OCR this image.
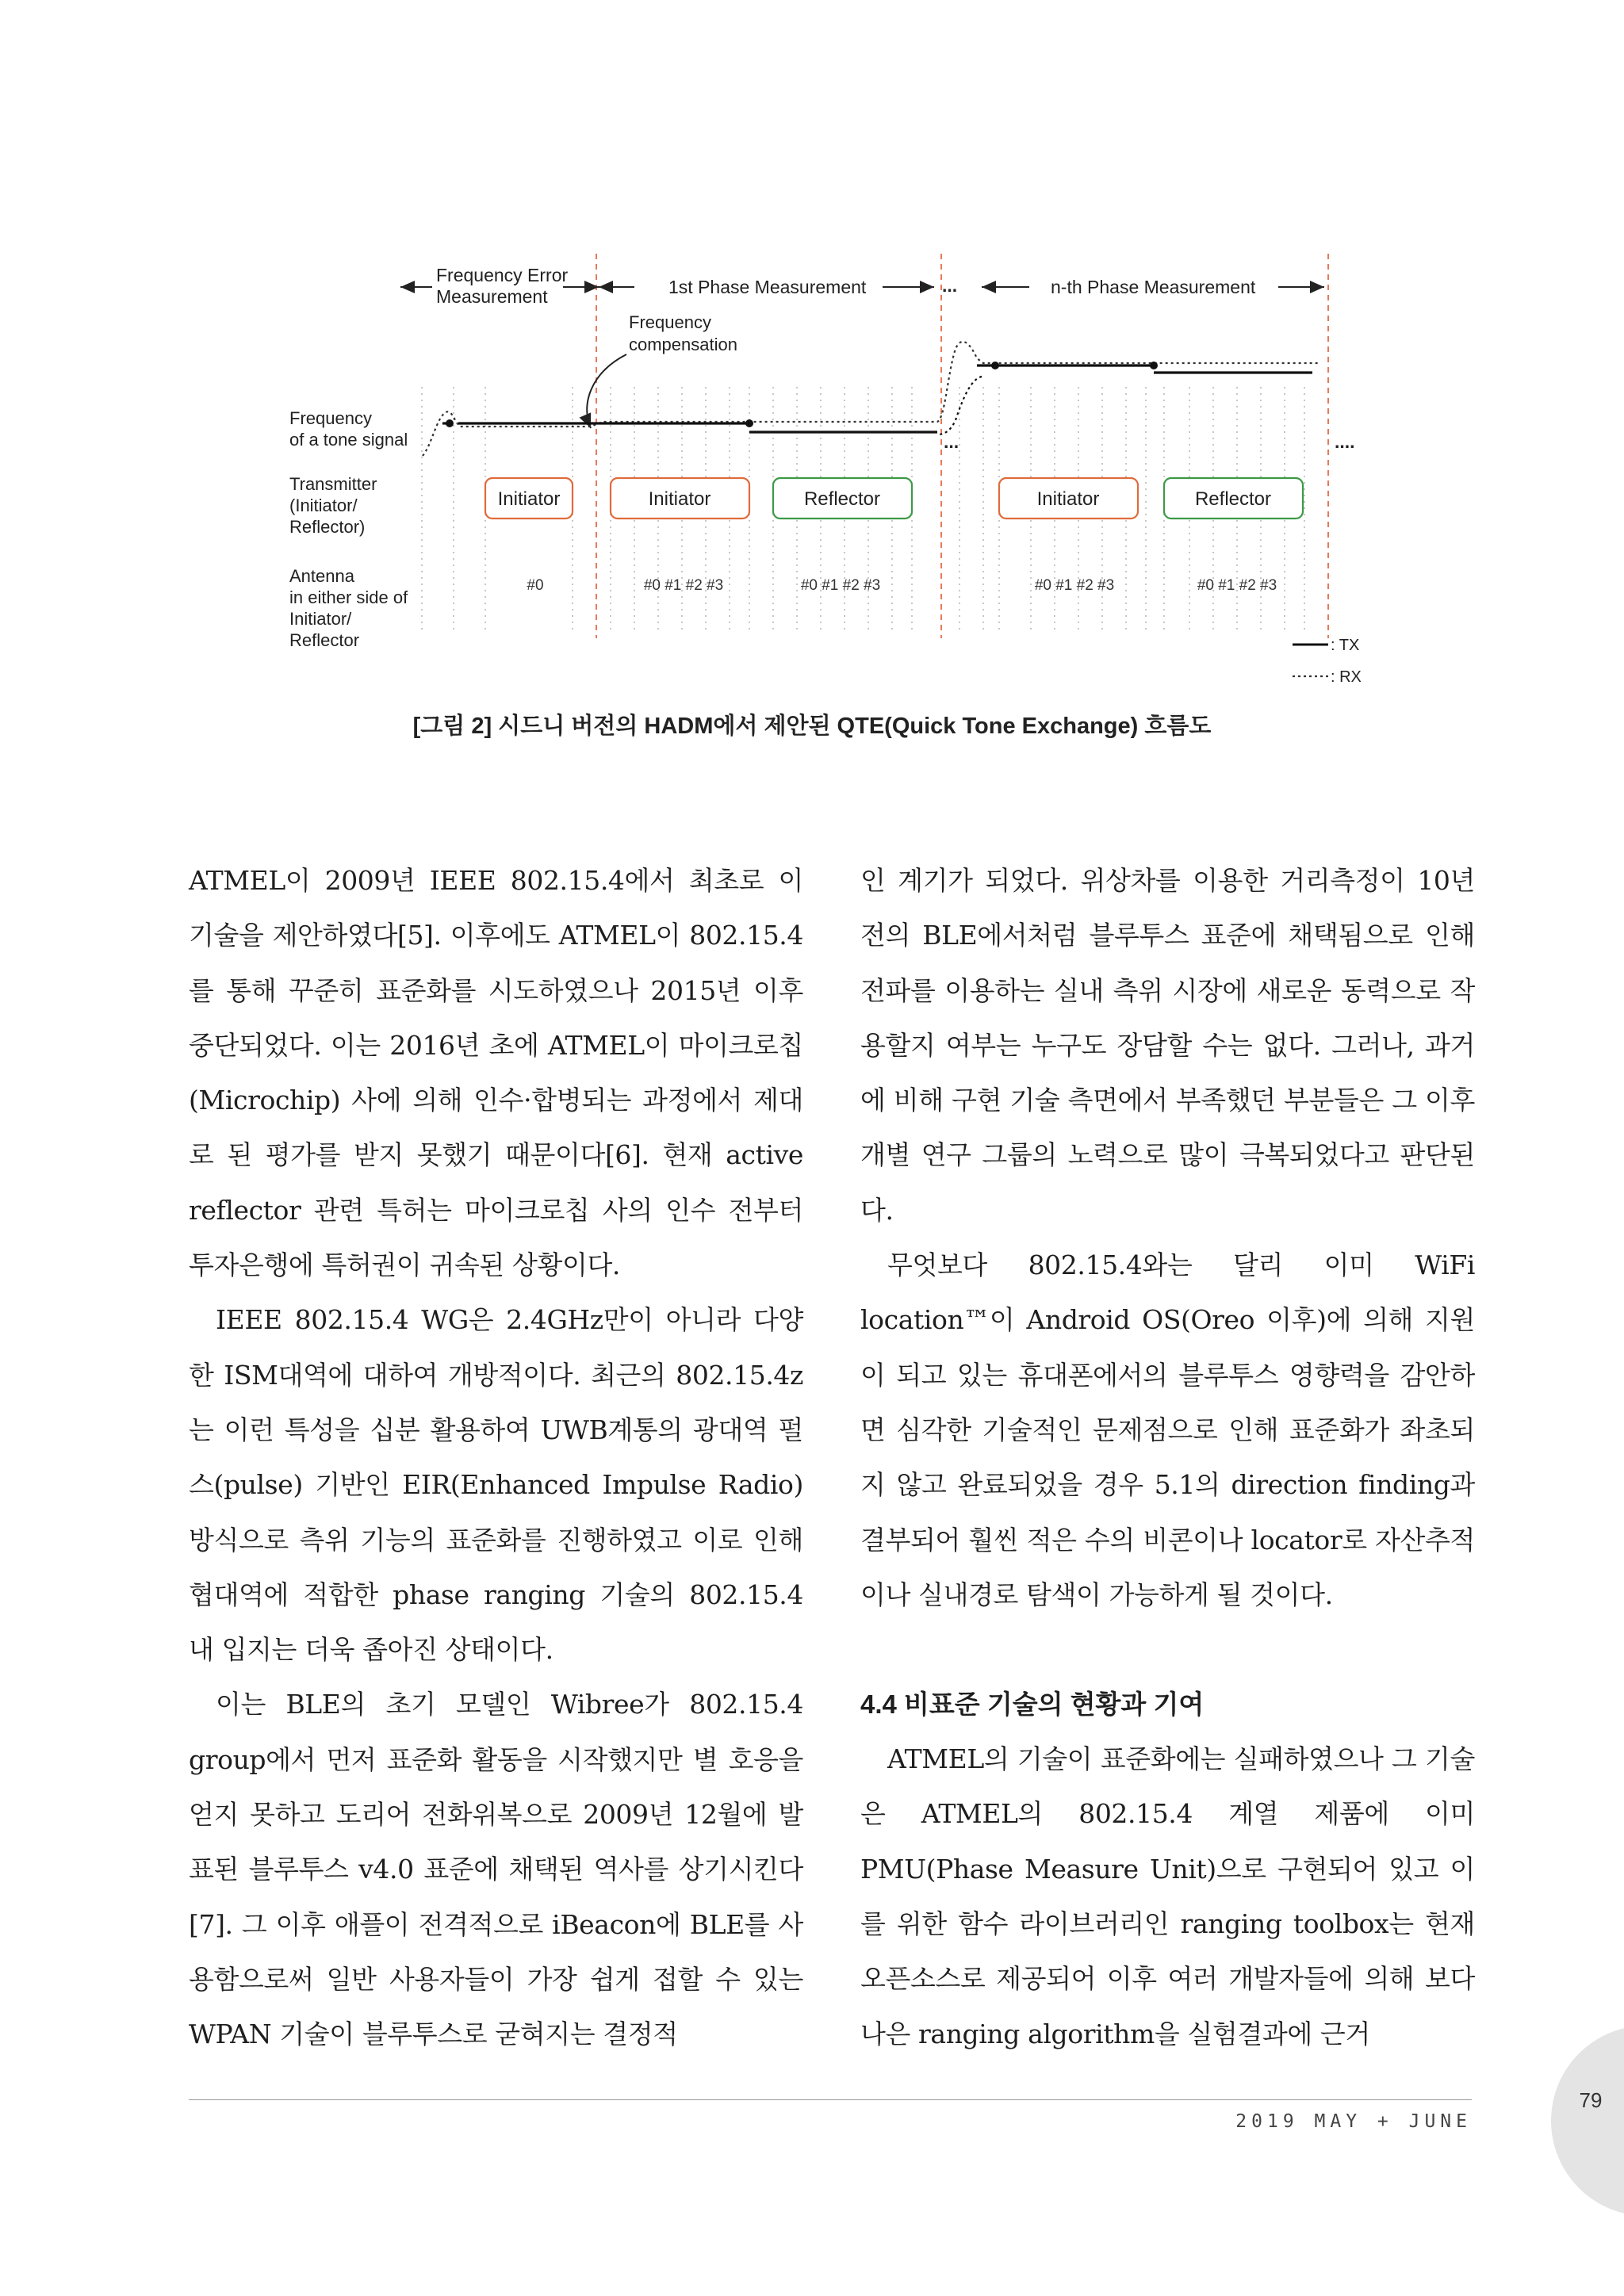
Frequency Error
Measurement	1st Phase Measurement	...	n-th Phase Measurement
Frequency
compensation
Frequency
of a tone signal
Transmitter
(Initiator/
Reflector)
Antenna
in either side of
Initiator/
Reflector
...	....
Initiator	Initiator	Reflector	Initiator	Reflector
#0	#0 #1 #2 #3	#0 #1 #2 #3	#0 #1 #2 #3	#0 #1 #2 #3
: TX
: RX
[그림 2] 시드니 버전의 HADM에서 제안된 QTE(Quick Tone Exchange) 흐름도

ATMEL이 2009년 IEEE 802.15.4에서 최초로 이 기술을 제안하였다[5]. 이후에도 ATMEL이 802.15.4를 통해 꾸준히 표준화를 시도하였으나 2015년 이후 중단되었다. 이는 2016년 초에 ATMEL이 마이크로칩(Microchip) 사에 의해 인수·합병되는 과정에서 제대로 된 평가를 받지 못했기 때문이다[6]. 현재 active reflector 관련 특허는 마이크로칩 사의 인수 전부터 투자은행에 특허권이 귀속된 상황이다.

IEEE 802.15.4 WG은 2.4GHz만이 아니라 다양한 ISM대역에 대하여 개방적이다. 최근의 802.15.4z는 이런 특성을 십분 활용하여 UWB계통의 광대역 펄스(pulse) 기반인 EIR(Enhanced Impulse Radio) 방식으로 측위 기능의 표준화를 진행하였고 이로 인해 협대역에 적합한 phase ranging 기술의 802.15.4 내 입지는 더욱 좁아진 상태이다.

이는 BLE의 초기 모델인 Wibree가 802.15.4 group에서 먼저 표준화 활동을 시작했지만 별 호응을 얻지 못하고 도리어 전화위복으로 2009년 12월에 발표된 블루투스 v4.0 표준에 채택된 역사를 상기시킨다[7]. 그 이후 애플이 전격적으로 iBeacon에 BLE를 사용함으로써 일반 사용자들이 가장 쉽게 접할 수 있는 WPAN 기술이 블루투스로 굳혀지는 결정적

인 계기가 되었다. 위상차를 이용한 거리측정이 10년 전의 BLE에서처럼 블루투스 표준에 채택됨으로 인해 전파를 이용하는 실내 측위 시장에 새로운 동력으로 작용할지 여부는 누구도 장담할 수는 없다. 그러나, 과거에 비해 구현 기술 측면에서 부족했던 부분들은 그 이후 개별 연구 그룹의 노력으로 많이 극복되었다고 판단된다.

무엇보다 802.15.4와는 달리 이미 WiFi location™이 Android OS(Oreo 이후)에 의해 지원이 되고 있는 휴대폰에서의 블루투스 영향력을 감안하면 심각한 기술적인 문제점으로 인해 표준화가 좌초되지 않고 완료되었을 경우 5.1의 direction finding과 결부되어 훨씬 적은 수의 비콘이나 locator로 자산추적이나 실내경로 탐색이 가능하게 될 것이다.

4.4 비표준 기술의 현황과 기여

ATMEL의 기술이 표준화에는 실패하였으나 그 기술은 ATMEL의 802.15.4 계열 제품에 이미 PMU(Phase Measure Unit)으로 구현되어 있고 이를 위한 함수 라이브러리인 ranging toolbox는 현재 오픈소스로 제공되어 이후 여러 개발자들에 의해 보다 나은 ranging algorithm을 실험결과에 근거

2019 MAY + JUNE
79
